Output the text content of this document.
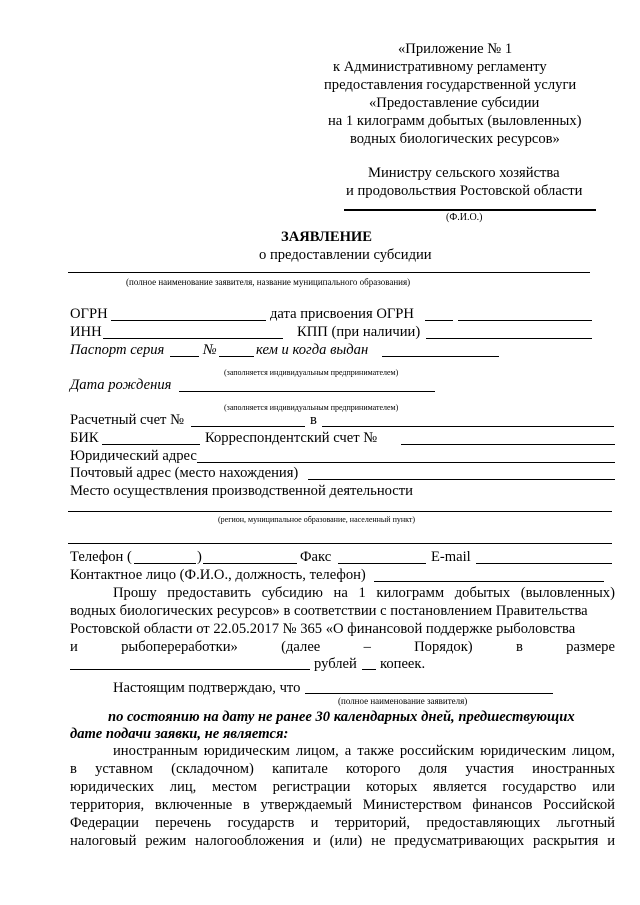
«Приложение № 1
к Административному регламенту
предоставления государственной услуги
«Предоставление субсидии
на 1 килограмм добытых (выловленных)
водных биологических ресурсов»
Министру сельского хозяйства
и продовольствия Ростовской области
(Ф.И.О.)
ЗАЯВЛЕНИЕ
о предоставлении субсидии
(полное наименование заявителя, название муниципального образования)
ОГРН	дата присвоения ОГРН
ИНН	КПП (при наличии)
Паспорт серия	№	кем и когда выдан
(заполняется индивидуальным предпринимателем)
Дата рождения
(заполняется индивидуальным предпринимателем)
Расчетный счет №	в
БИК	Корреспондентский счет №
Юридический адрес
Почтовый адрес (место нахождения)
Место осуществления производственной деятельности
(регион, муниципальное образование, населенный пункт)
Телефон (	)	Факс	E-mail
Контактное лицо (Ф.И.О., должность, телефон)
Прошу предоставить субсидию на 1 килограмм добытых (выловленных)
водных биологических ресурсов» в соответствии с постановлением Правительства
Ростовской области от 22.05.2017 № 365 «О финансовой поддержке рыболовства
и	рыбопереработки»	(далее	–	Порядок)	в	размере
рублей копеек.
Настоящим подтверждаю, что
(полное наименование заявителя)
по состоянию на дату не ранее 30 календарных дней, предшествующих
дате подачи заявки, не является:
иностранным юридическим лицом, а также российским юридическим лицом,
в уставном (складочном) капитале которого доля участия иностранных
юридических лиц, местом регистрации которых является государство или
территория, включенные в утверждаемый Министерством финансов Российской
Федерации перечень государств и территорий, предоставляющих льготный
налоговый режим налогообложения и (или) не предусматривающих раскрытия и
